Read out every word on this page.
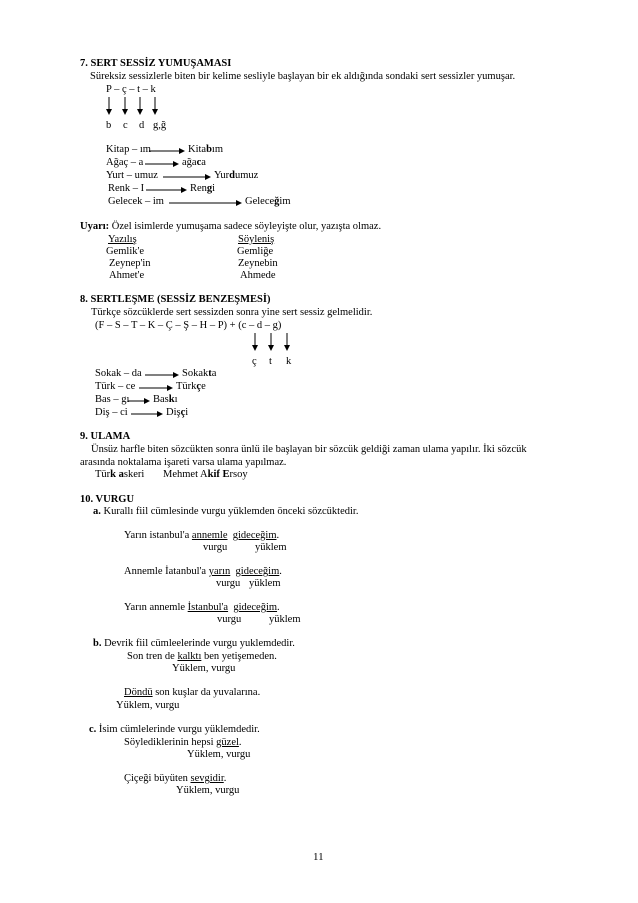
7. SERT SESSİZ YUMUŞAMASI
Süreksiz sessizlerle biten bir kelime sesliyle başlayan bir ek aldığında sondaki sert sessizler yumuşar.
P – ç – t – k
b c d g,ğ
Kitap – ım	Kitabım
Ağaç – a	ağaca
Yurt – umuz	Yurdumuz
Renk – I	Rengi
Gelecek – im	Geleceğim
Uyarı: Özel isimlerde yumuşama sadece söyleyişte olur, yazışta olmaz.
Yazılış	Söyleniş
Gemlik'e	Gemliğe
Zeynep'in	Zeynebin
Ahmet'e	Ahmede
8. SERTLEŞME (SESSİZ BENZEŞMESİ)
Türkçe sözcüklerde sert sessizden sonra yine sert sessiz gelmelidir.
(F – S – T – K – Ç – Ş – H – P) + (c – d – g)
ç t k
Sokak – da	Sokakta
Türk – ce	Türkçe
Bas – gı Baskı
Diş – ci	Dişçi
9. ULAMA
Ünsüz harfle biten sözcükten sonra ünlü ile başlayan bir sözcük geldiği zaman ulama yapılır. İki sözcük
arasında noktalama işareti varsa ulama yapılmaz.
Türk askeri Mehmet Akif Ersoy
10. VURGU
a. Kurallı fiil cümlesinde vurgu yüklemden önceki sözcüktedir.
Yarın istanbul'a annemle gideceğim.
vurgu	yüklem
Annemle İatanbul'a yarın gideceğim.
vurgu yüklem
Yarın annemle İstanbul'a gideceğim.
vurgu	yüklem
b. Devrik fiil cümleelerinde vurgu yuklemdedir.
Son tren de kalktı ben yetişemeden.
Yüklem, vurgu
Döndü son kuşlar da yuvalarına.
Yüklem, vurgu
c. İsim cümlelerinde vurgu yüklemdedir.
Söylediklerinin hepsi güzel.
Yüklem, vurgu
Çiçeği büyüten sevgidir.
Yüklem, vurgu
11
